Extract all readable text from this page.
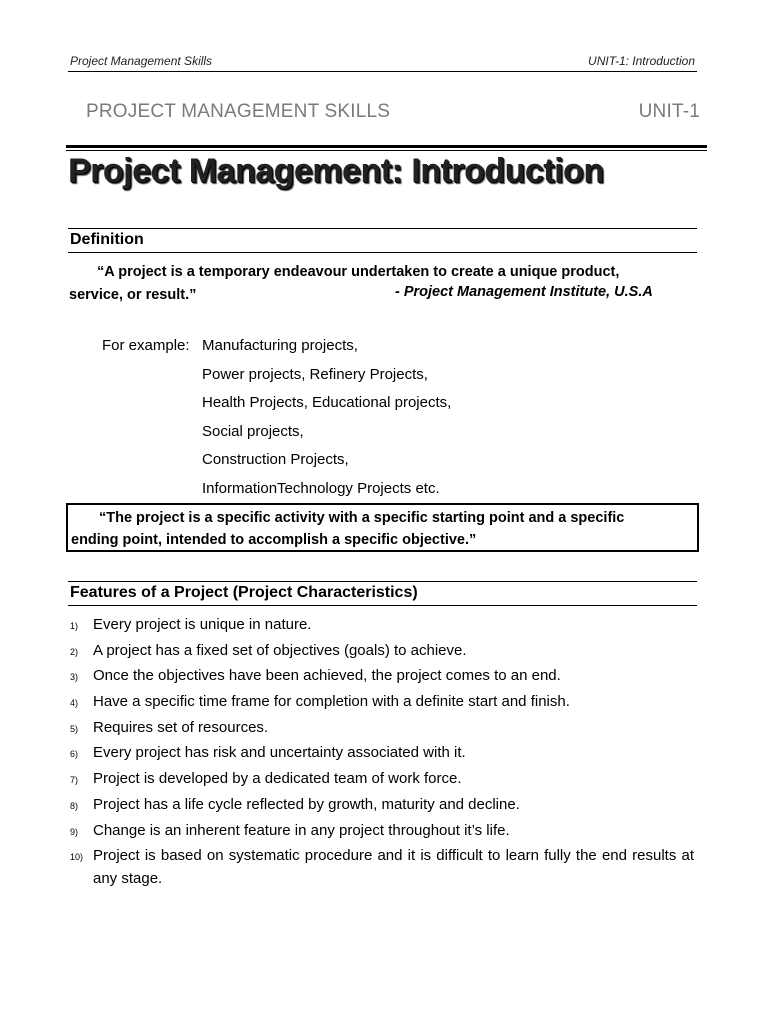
Project Management Skills	UNIT-1: Introduction
PROJECT MANAGEMENT SKILLS	UNIT-1
Project Management: Introduction
Definition
“A project is a temporary endeavour undertaken to create a unique product,
service, or result.”	- Project Management Institute, U.S.A
For example: Manufacturing projects,
Power projects, Refinery Projects,
Health Projects, Educational projects,
Social projects,
Construction Projects,
InformationTechnology Projects etc.
“The project is a specific activity with a specific starting point and a specific
ending point, intended to accomplish a specific objective.”
Features of a Project (Project Characteristics)
1) Every project is unique in nature.
2) A project has a fixed set of objectives (goals) to achieve.
3) Once the objectives have been achieved, the project comes to an end.
4) Have a specific time frame for completion with a definite start and finish.
5) Requires set of resources.
6) Every project has risk and uncertainty associated with it.
7) Project is developed by a dedicated team of work force.
8) Project has a life cycle reflected by growth, maturity and decline.
9) Change is an inherent feature in any project throughout it’s life.
10) Project is based on systematic procedure and it is difficult to learn fully the end results at any stage.
